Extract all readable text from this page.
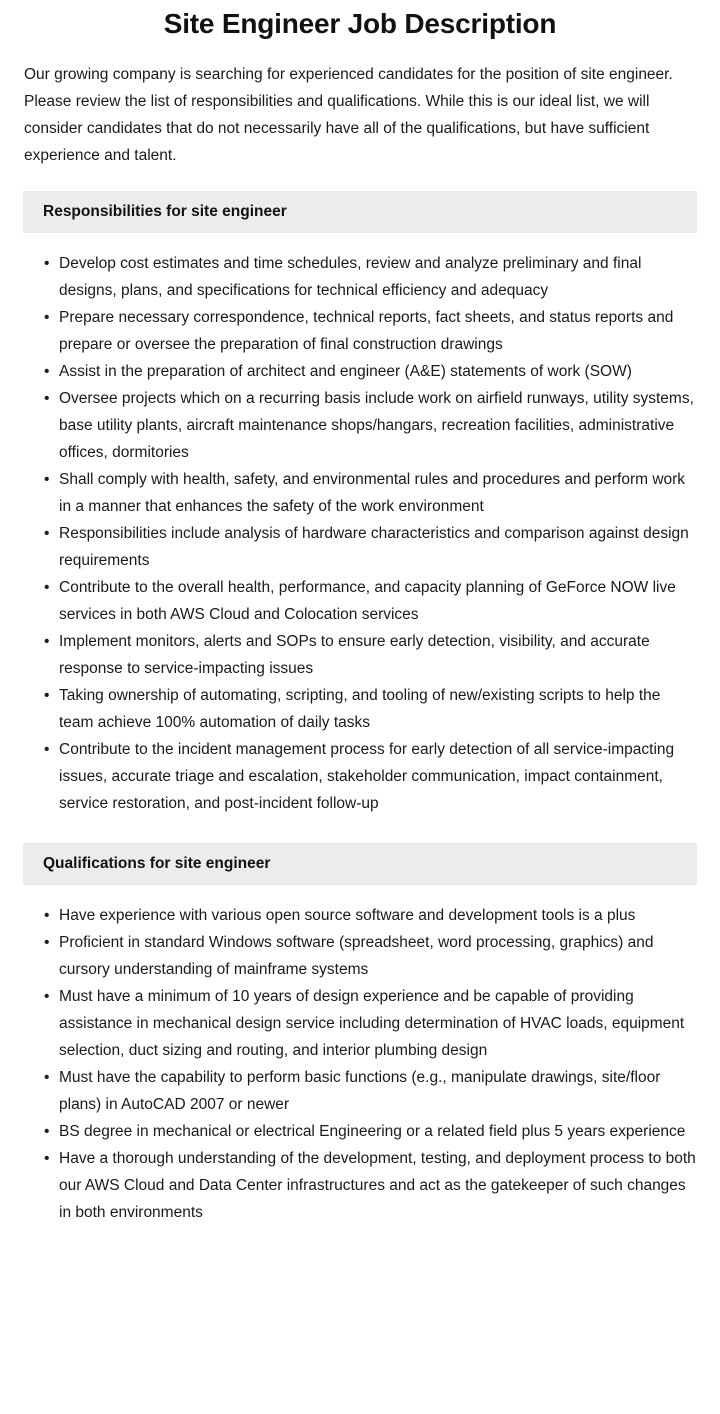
Site Engineer Job Description

Our growing company is searching for experienced candidates for the position of site engineer. Please review the list of responsibilities and qualifications. While this is our ideal list, we will consider candidates that do not necessarily have all of the qualifications, but have sufficient experience and talent.

Responsibilities for site engineer
• Develop cost estimates and time schedules, review and analyze preliminary and final designs, plans, and specifications for technical efficiency and adequacy
• Prepare necessary correspondence, technical reports, fact sheets, and status reports and prepare or oversee the preparation of final construction drawings
• Assist in the preparation of architect and engineer (A&E) statements of work (SOW)
• Oversee projects which on a recurring basis include work on airfield runways, utility systems, base utility plants, aircraft maintenance shops/hangars, recreation facilities, administrative offices, dormitories
• Shall comply with health, safety, and environmental rules and procedures and perform work in a manner that enhances the safety of the work environment
• Responsibilities include analysis of hardware characteristics and comparison against design requirements
• Contribute to the overall health, performance, and capacity planning of GeForce NOW live services in both AWS Cloud and Colocation services
• Implement monitors, alerts and SOPs to ensure early detection, visibility, and accurate response to service-impacting issues
• Taking ownership of automating, scripting, and tooling of new/existing scripts to help the team achieve 100% automation of daily tasks
• Contribute to the incident management process for early detection of all service-impacting issues, accurate triage and escalation, stakeholder communication, impact containment, service restoration, and post-incident follow-up
Qualifications for site engineer
• Have experience with various open source software and development tools is a plus
• Proficient in standard Windows software (spreadsheet, word processing, graphics) and cursory understanding of mainframe systems
• Must have a minimum of 10 years of design experience and be capable of providing assistance in mechanical design service including determination of HVAC loads, equipment selection, duct sizing and routing, and interior plumbing design
• Must have the capability to perform basic functions (e.g., manipulate drawings, site/floor plans) in AutoCAD 2007 or newer
• BS degree in mechanical or electrical Engineering or a related field plus 5 years experience
• Have a thorough understanding of the development, testing, and deployment process to both our AWS Cloud and Data Center infrastructures and act as the gatekeeper of such changes in both environments
